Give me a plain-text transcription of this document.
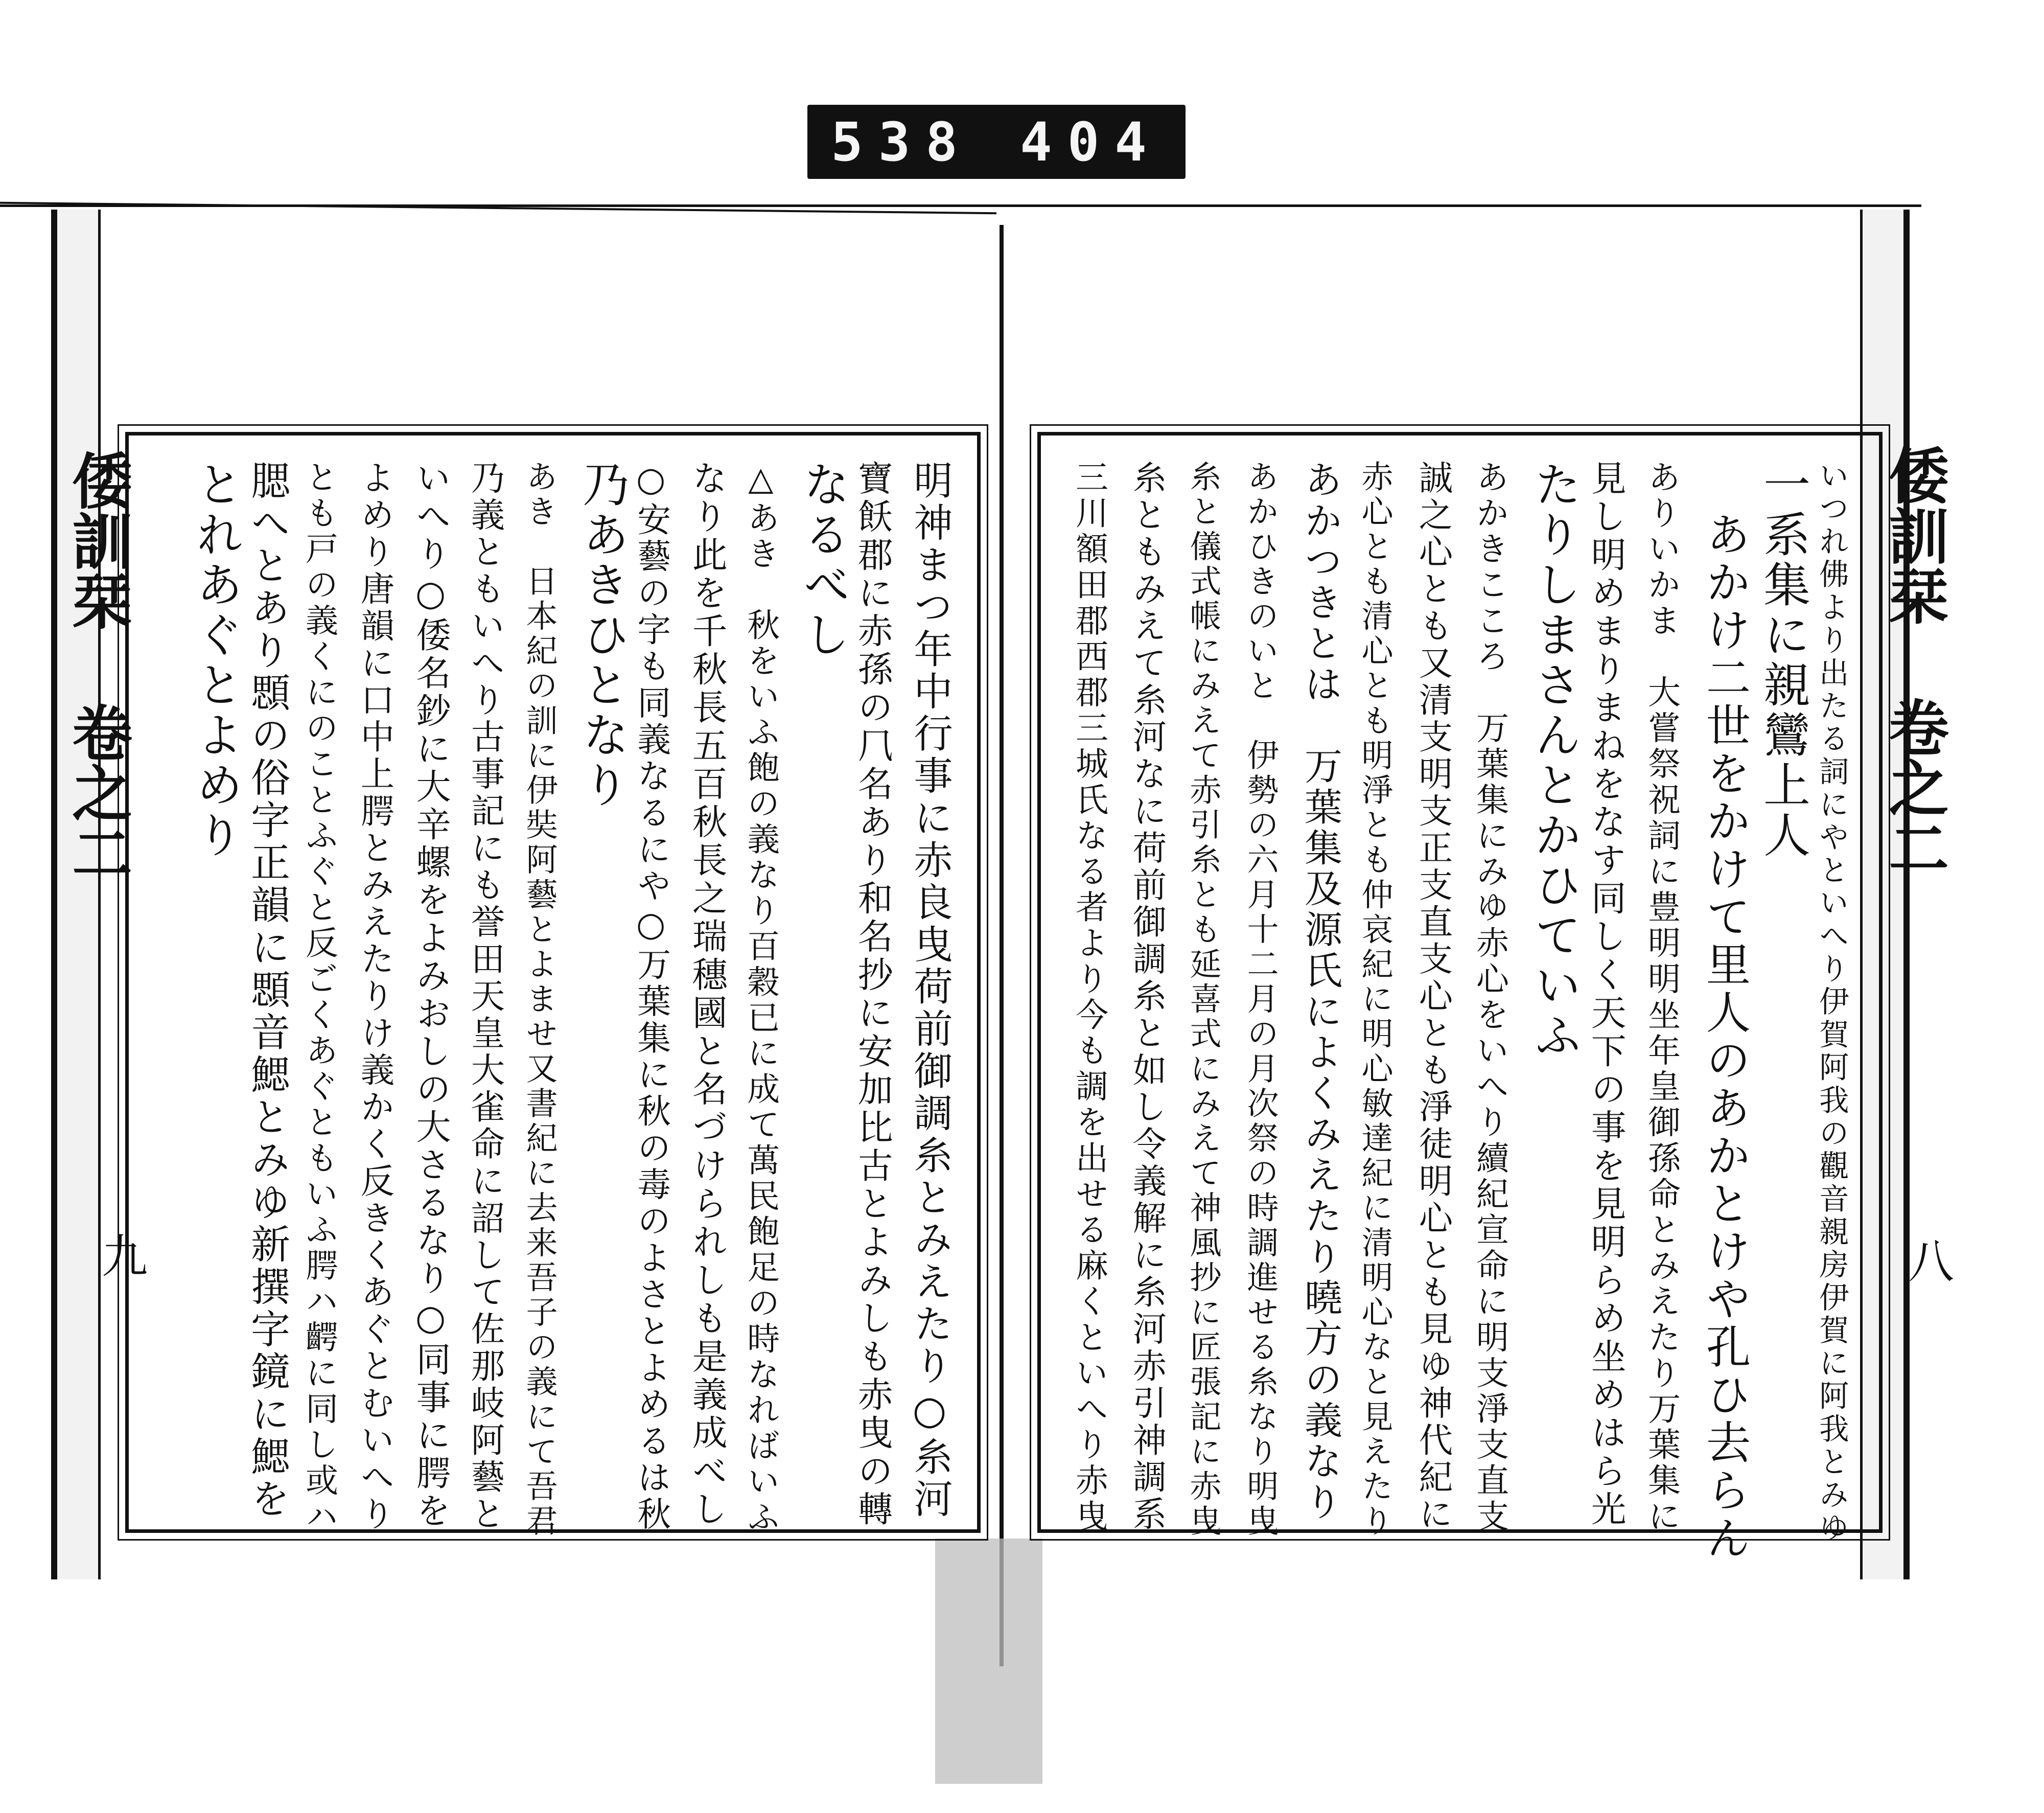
538 404
倭訓栞 卷之二	倭訓栞 卷之二
九	八
いつれ佛より出たる詞にやといへり伊賀阿我の觀音親房伊賀に阿我とみゆ
一系集に親鸞上人
あかけ二世をかけて里人のあかとけや孔ひ去らん
ありいかま　大嘗祭祝詞に豊明明坐年皇御孫命とみえたり万葉集に
見し明めまりまねをなす同しく天下の事を見明らめ坐めはら光
たりしまさんとかひていふ
あかきこころ　万葉集にみゆ赤心をいへり續紀宣命に明支淨支直支
誠之心とも又清支明支正支直支心とも淨徒明心とも見ゆ神代紀に
赤心とも清心とも明淨とも仲哀紀に明心敏達紀に清明心なと見えたり
あかつきとは　万葉集及源氏によくみえたり曉方の義なり
あかひきのいと　伊勢の六月十二月の月次祭の時調進せる糸なり明曳
糸と儀式帳にみえて赤引糸とも延喜式にみえて神風抄に匠張記に赤曳
糸ともみえて糸河なに荷前御調糸と如し令義解に糸河赤引神調系
三川額田郡西郡三城氏なる者より今も調を出せる麻くといへり赤曳
明神まつ年中行事に赤良曳荷前御調糸とみえたり○糸河
寶飫郡に赤孫の⺇名あり和名抄に安加比古とよみしも赤曳の轉
なるべし
△あき　秋をいふ飽の義なり百穀已に成て萬民飽足の時なればいふ
なり此を千秋長五百秋長之瑞穗國と名づけられしも是義成べし
○安藝の字も同義なるにや○万葉集に秋の毒のよさとよめるは秋
乃あきひとなり
あき　日本紀の訓に伊奘阿藝とよませ又書紀に去来吾子の義にて吾君
乃義ともいへり古事記にも誉田天皇大雀命に詔して佐那岐阿藝と
いへり○倭名鈔に大辛螺をよみおしの大さるなり○同事に腭を
よめり唐韻に口中上腭とみえたりけ義かく反きくあぐとむいへり
とも戸の義くにのことふぐと反ごくあぐともいふ腭ハ齶に同し或ハ
腮へとあり顋の俗字正韻に顋音鰓とみゆ新撰字鏡に鰓を
とれあぐとよめり
